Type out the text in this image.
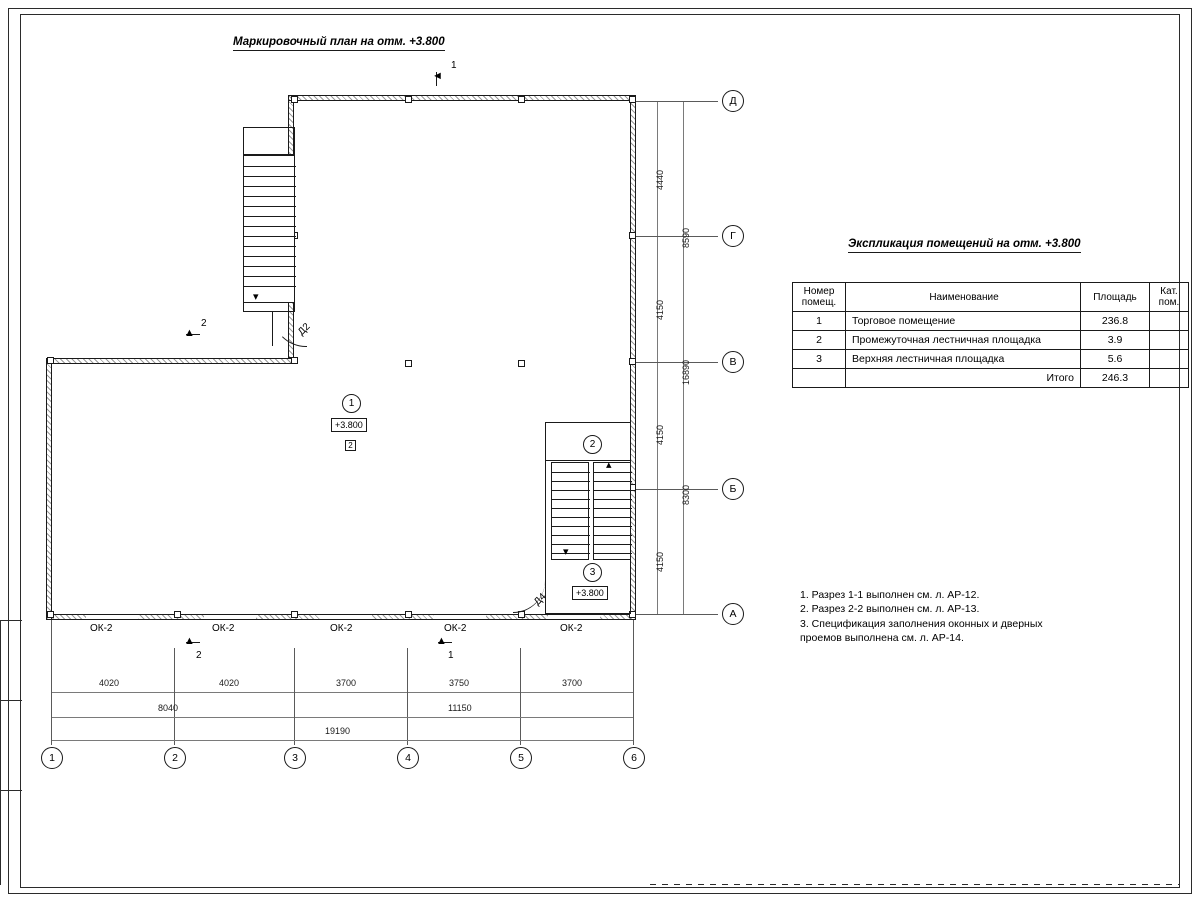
Маркировочный план на отм. +3.800
Экспликация помещений на отм. +3.800
▾
Д2
▴
▾
Д4
1
+3.800
2	2
3
+3.800
ОК-2	ОК-2	ОК-2	ОК-2	ОК-2
◄
1
▲
2
▲
2
▲
1
Д
Г
В
Б
А
4150
4150
4150
8590
8300
4440
16890
4020	4020	3700	3750	3700
8040	11150
19190
1	2	3	4	5	6
Номер
помещ.	Наименование	Площадь	Кат.
пом.
1	Торговое помещение	236.8	
2	Промежуточная лестничная площадка	3.9	
3	Верхняя лестничная площадка	5.6	
	Итого	246.3	
1. Разрез 1-1 выполнен см. л. АР-12.
2. Разрез 2-2 выполнен см. л. АР-13.
3. Спецификация заполнения оконных и дверных
проемов выполнена см. л. АР-14.
